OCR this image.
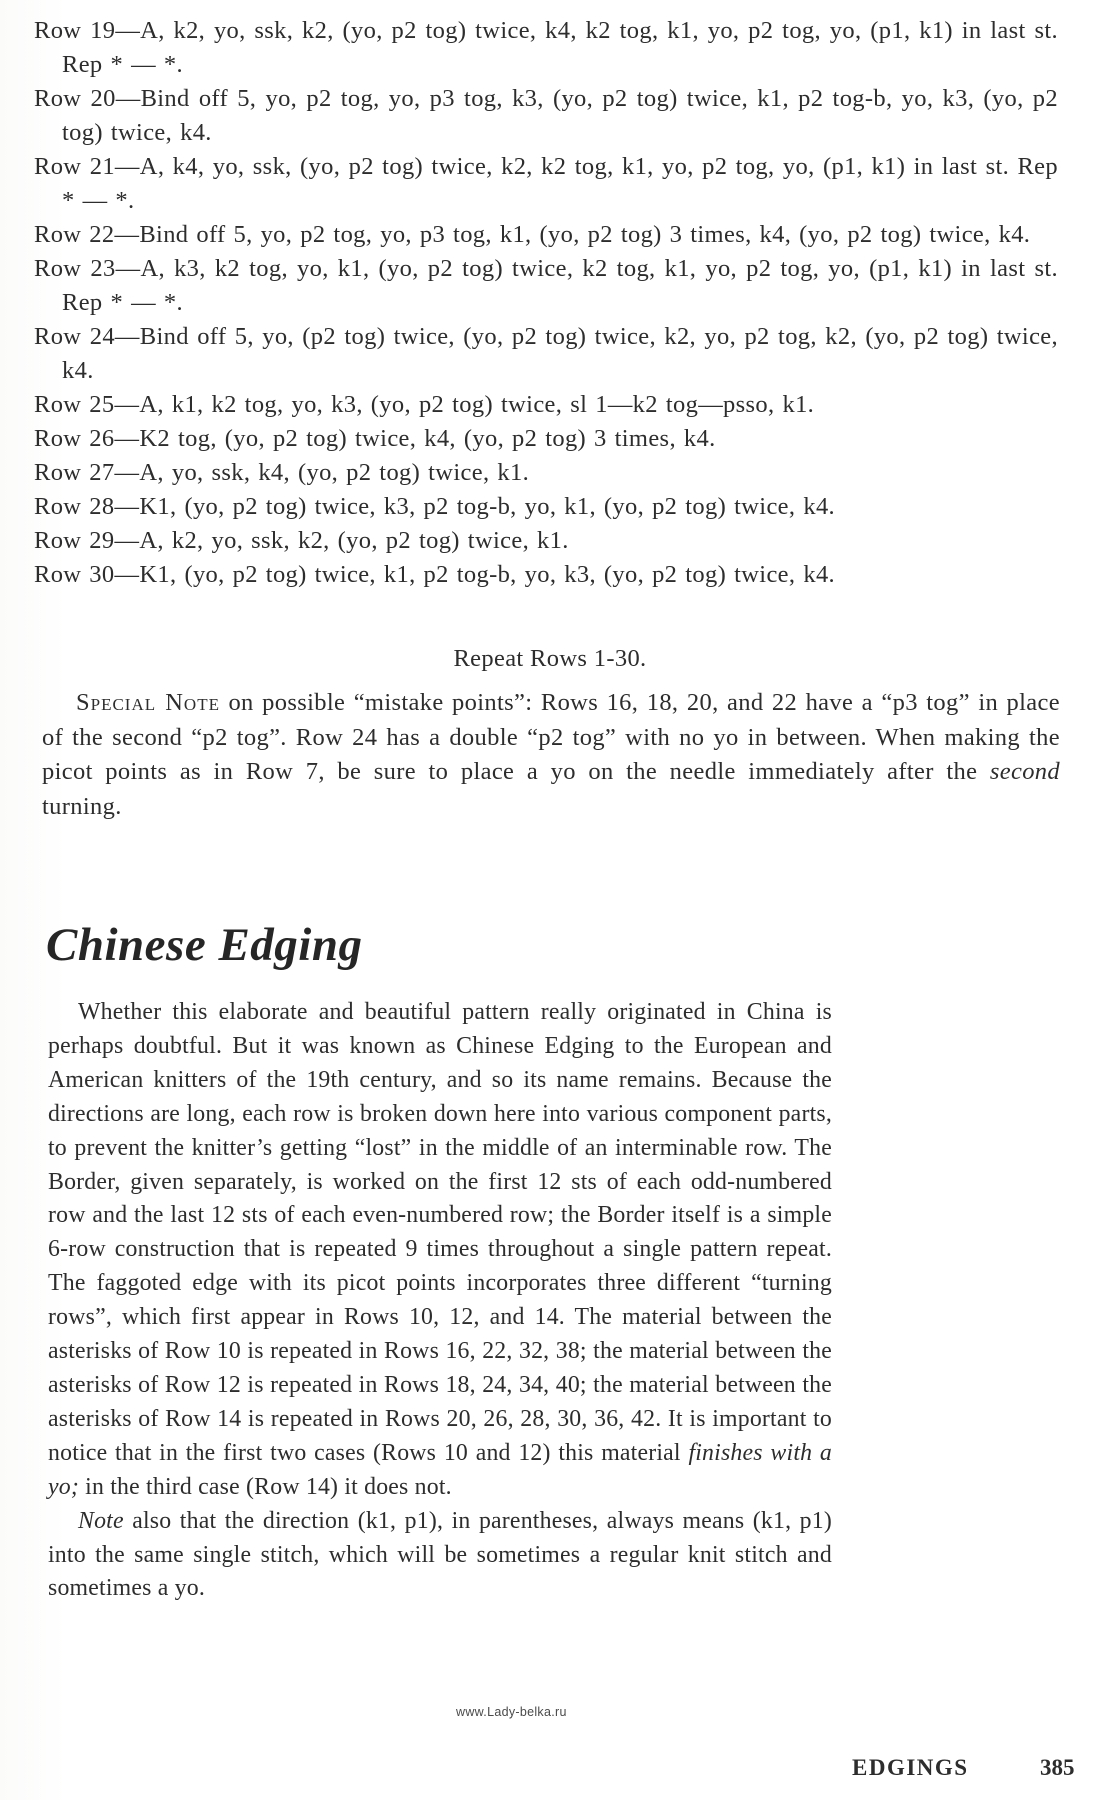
Row 19—A, k2, yo, ssk, k2, (yo, p2 tog) twice, k4, k2 tog, k1, yo, p2 tog, yo, (p1, k1) in last st. Rep * — *.

Row 20—Bind off 5, yo, p2 tog, yo, p3 tog, k3, (yo, p2 tog) twice, k1, p2 tog-b, yo, k3, (yo, p2 tog) twice, k4.

Row 21—A, k4, yo, ssk, (yo, p2 tog) twice, k2, k2 tog, k1, yo, p2 tog, yo, (p1, k1) in last st. Rep * — *.

Row 22—Bind off 5, yo, p2 tog, yo, p3 tog, k1, (yo, p2 tog) 3 times, k4, (yo, p2 tog) twice, k4.

Row 23—A, k3, k2 tog, yo, k1, (yo, p2 tog) twice, k2 tog, k1, yo, p2 tog, yo, (p1, k1) in last st. Rep * — *.

Row 24—Bind off 5, yo, (p2 tog) twice, (yo, p2 tog) twice, k2, yo, p2 tog, k2, (yo, p2 tog) twice, k4.

Row 25—A, k1, k2 tog, yo, k3, (yo, p2 tog) twice, sl 1—k2 tog—psso, k1.

Row 26—K2 tog, (yo, p2 tog) twice, k4, (yo, p2 tog) 3 times, k4.

Row 27—A, yo, ssk, k4, (yo, p2 tog) twice, k1.

Row 28—K1, (yo, p2 tog) twice, k3, p2 tog-b, yo, k1, (yo, p2 tog) twice, k4.

Row 29—A, k2, yo, ssk, k2, (yo, p2 tog) twice, k1.

Row 30—K1, (yo, p2 tog) twice, k1, p2 tog-b, yo, k3, (yo, p2 tog) twice, k4.

Repeat Rows 1-30.

Special Note on possible “mistake points”: Rows 16, 18, 20, and 22 have a “p3 tog” in place of the second “p2 tog”. Row 24 has a double “p2 tog” with no yo in between. When making the picot points as in Row 7, be sure to place a yo on the needle immediately after the second turning.

Chinese Edging

Whether this elaborate and beautiful pattern really originated in China is perhaps doubtful. But it was known as Chinese Edging to the European and American knitters of the 19th century, and so its name remains. Because the directions are long, each row is broken down here into various component parts, to prevent the knitter’s getting “lost” in the middle of an interminable row. The Border, given separately, is worked on the first 12 sts of each odd-numbered row and the last 12 sts of each even-numbered row; the Border itself is a simple 6-row construction that is repeated 9 times throughout a single pattern repeat. The faggoted edge with its picot points incorporates three different “turning rows”, which first appear in Rows 10, 12, and 14. The material between the asterisks of Row 10 is repeated in Rows 16, 22, 32, 38; the material between the asterisks of Row 12 is repeated in Rows 18, 24, 34, 40; the material between the asterisks of Row 14 is repeated in Rows 20, 26, 28, 30, 36, 42. It is important to notice that in the first two cases (Rows 10 and 12) this material finishes with a yo; in the third case (Row 14) it does not.

Note also that the direction (k1, p1), in parentheses, always means (k1, p1) into the same single stitch, which will be sometimes a regular knit stitch and sometimes a yo.

www.Lady-belka.ru
EDGINGS	385
